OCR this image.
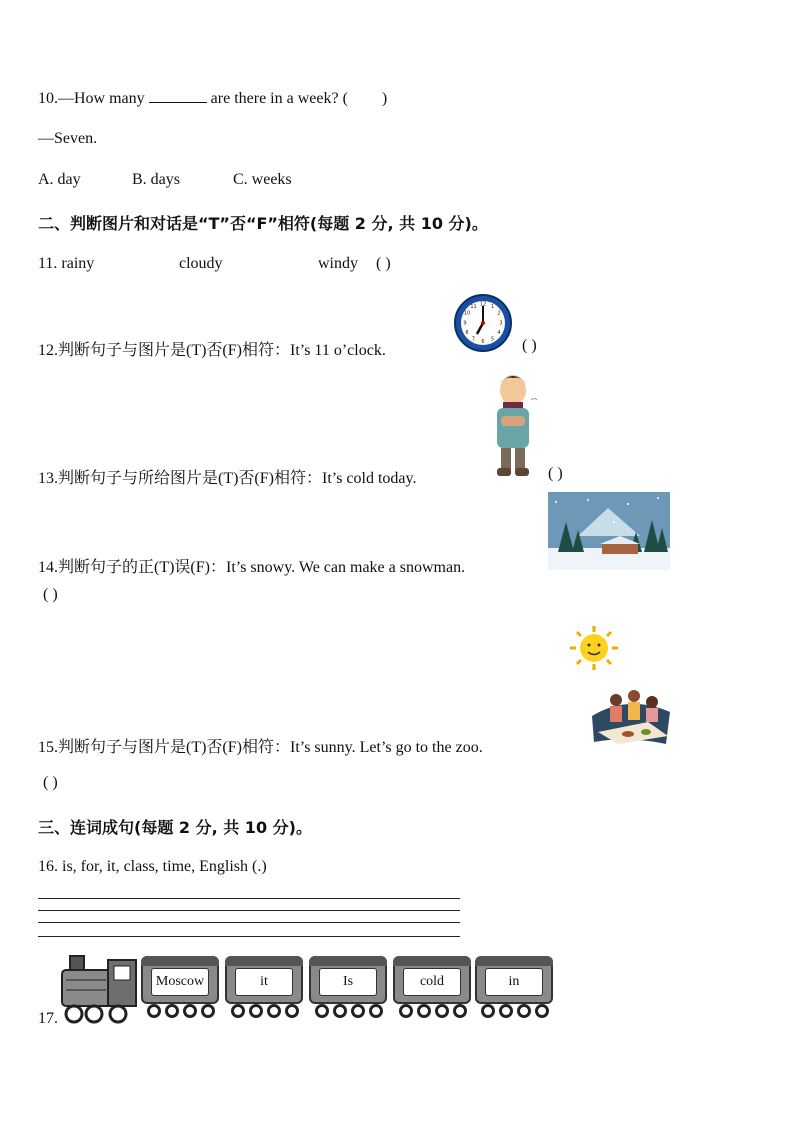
10.—How many	are there in a week? ( )
—Seven.
A. day	B. days	C. weeks
二、判断图片和对话是“T”否“F”相符(每题 2 分, 共 10 分)。
11. rainy	cloudy	windy ( )
12 1
2
3
4
5
6
7
8
9
10
11
12.判断句子与图片是(T)否(F)相符：It’s 11 o’clock.	( )
13.判断句子与所给图片是(T)否(F)相符：It’s cold today.	( )
14.判断句子的正(T)误(F)：It’s snowy. We can make a snowman.
( )
15.判断句子与图片是(T)否(F)相符：It’s sunny. Let’s go to the zoo.
( )
三、连词成句(每题 2 分, 共 10 分)。
16. is, for, it, class, time, English (.)
17.
Moscow	it	Is	cold	in
